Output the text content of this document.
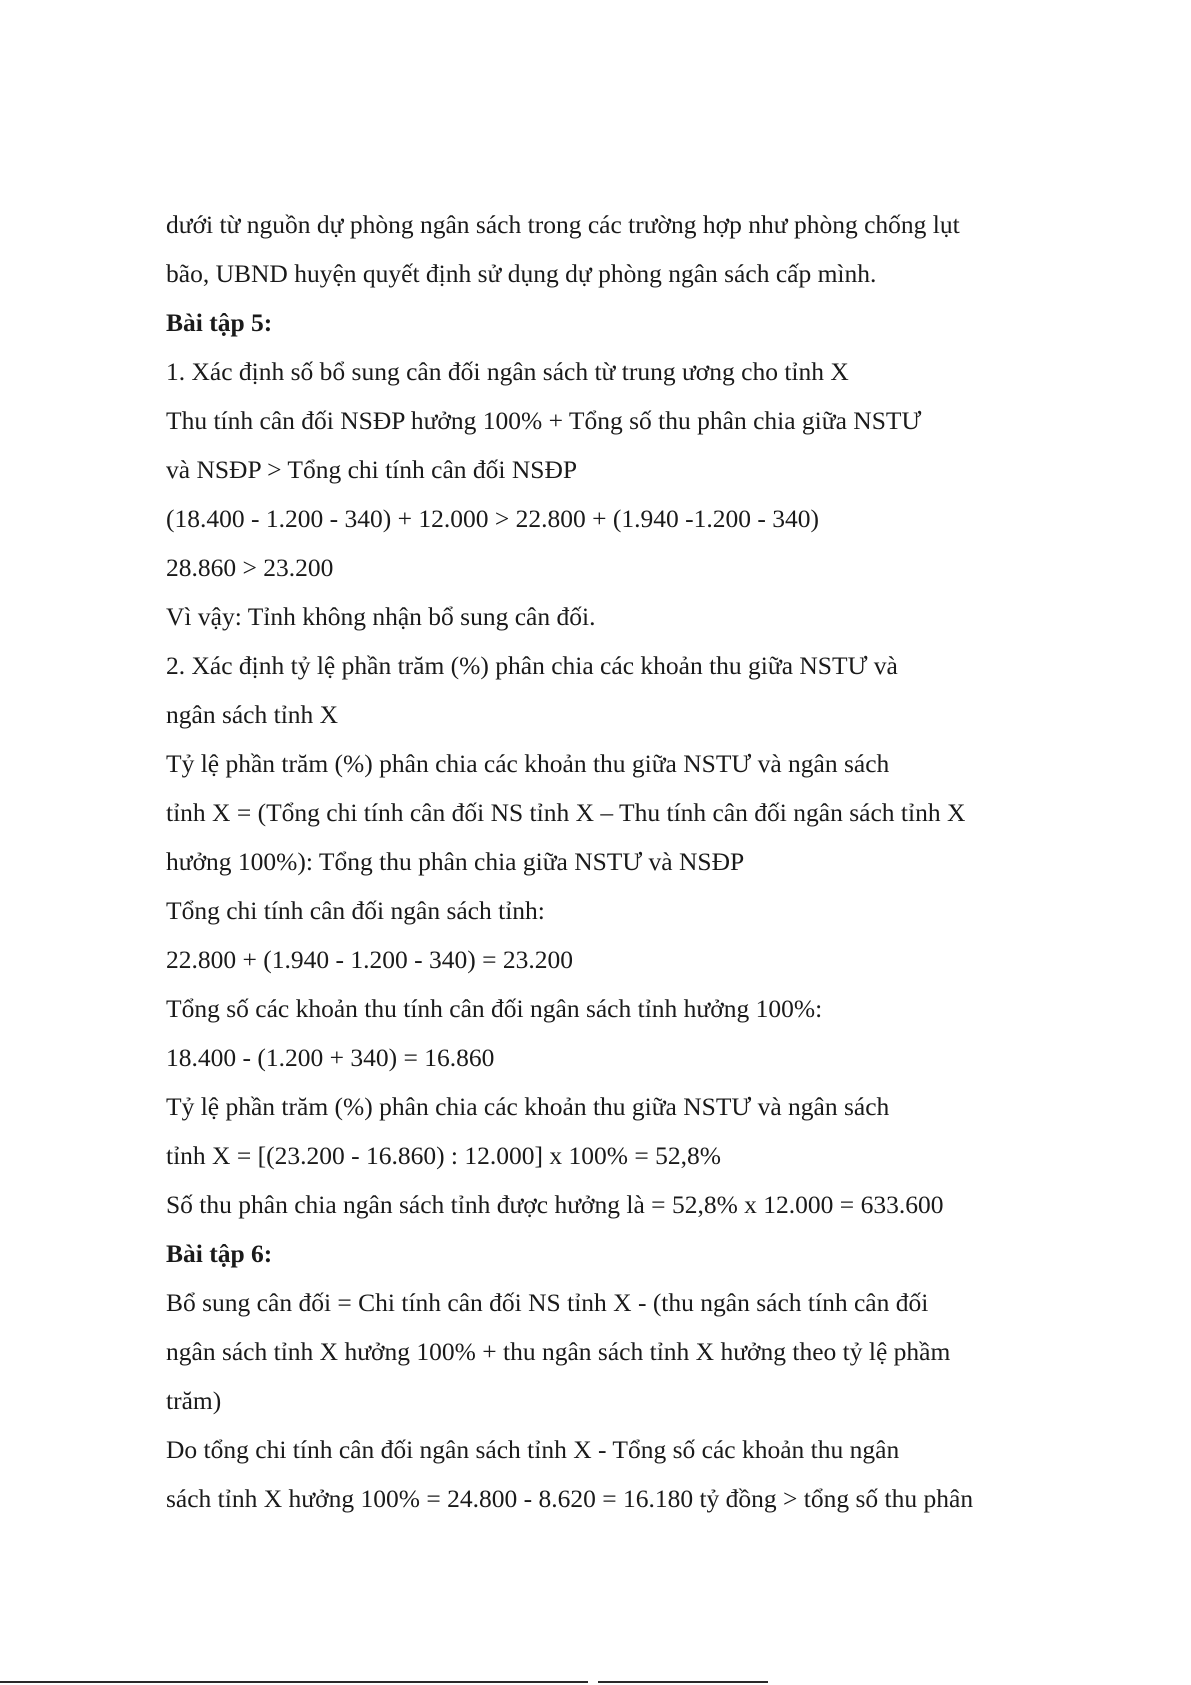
dưới từ nguồn dự phòng ngân sách trong các trường hợp như phòng chống lụt

bão, UBND huyện quyết định sử dụng dự phòng ngân sách cấp mình.

Bài tập 5:

1. Xác định số bổ sung cân đối ngân sách từ trung ương cho tỉnh X

Thu tính cân đối NSĐP hưởng 100% + Tổng số thu phân chia giữa NSTƯ

và NSĐP > Tổng chi tính cân đối NSĐP

(18.400 - 1.200 - 340) + 12.000 > 22.800 + (1.940 -1.200 - 340)

28.860 > 23.200

Vì vậy: Tỉnh không nhận bổ sung cân đối.

2. Xác định tỷ lệ phần trăm (%) phân chia các khoản thu giữa NSTƯ và

ngân sách tỉnh X

Tỷ lệ phần trăm (%) phân chia các khoản thu giữa NSTƯ và ngân sách

tỉnh X = (Tổng chi tính cân đối NS tỉnh X – Thu tính cân đối ngân sách tỉnh X

hưởng 100%): Tổng thu phân chia giữa NSTƯ và NSĐP

Tổng chi tính cân đối ngân sách tỉnh:

22.800 + (1.940 - 1.200 - 340) = 23.200

Tổng số các khoản thu tính cân đối ngân sách tỉnh hưởng 100%:

18.400 - (1.200 + 340) = 16.860

Tỷ lệ phần trăm (%) phân chia các khoản thu giữa NSTƯ và ngân sách

tỉnh X = [(23.200 - 16.860) : 12.000] x 100% = 52,8%

Số thu phân chia ngân sách tỉnh được hưởng là = 52,8% x 12.000 = 633.600

Bài tập 6:

Bổ sung cân đối = Chi tính cân đối NS tỉnh X - (thu ngân sách tính cân đối

ngân sách tỉnh X hưởng 100% + thu ngân sách tỉnh X hưởng theo tỷ lệ phầm

trăm)

Do tổng chi tính cân đối ngân sách tỉnh X - Tổng số các khoản thu ngân

sách tỉnh X hưởng 100% = 24.800 - 8.620 = 16.180 tỷ đồng > tổng số thu phân
